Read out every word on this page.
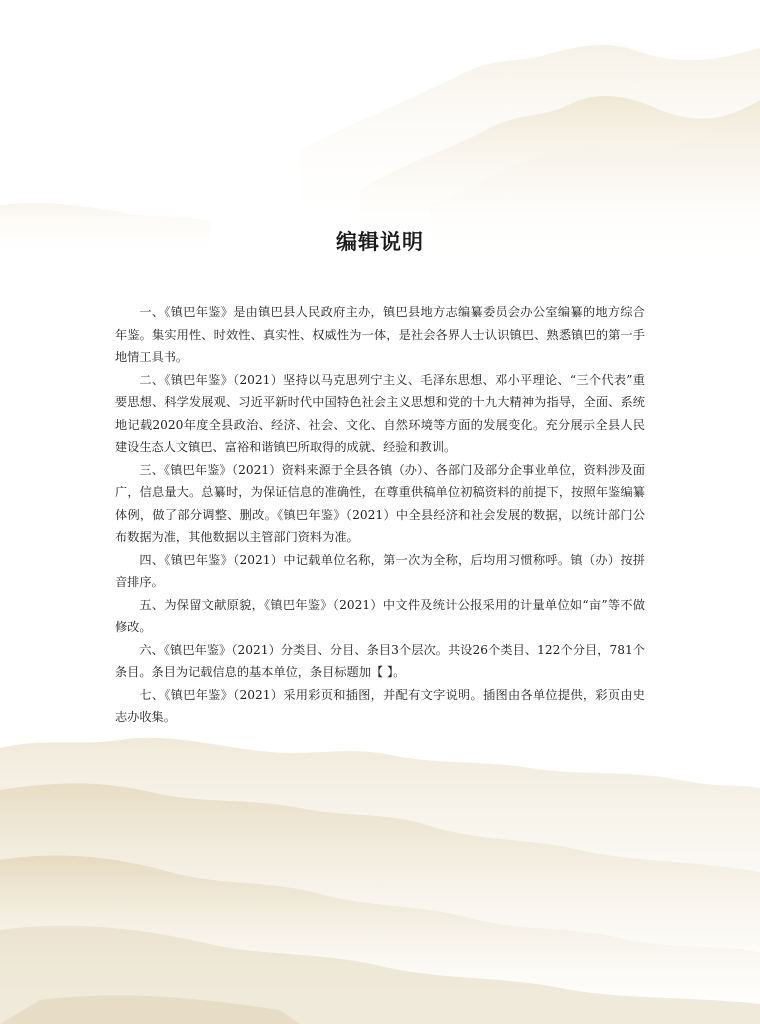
编辑说明

一、《镇巴年鉴》是由镇巴县人民政府主办，镇巴县地方志编纂委员会办公室编纂的地方综合年鉴。集实用性、时效性、真实性、权威性为一体，是社会各界人士认识镇巴、熟悉镇巴的第一手地情工具书。

二、《镇巴年鉴》（2021）坚持以马克思列宁主义、毛泽东思想、邓小平理论、“三个代表”重要思想、科学发展观、习近平新时代中国特色社会主义思想和党的十九大精神为指导，全面、系统地记载2020年度全县政治、经济、社会、文化、自然环境等方面的发展变化。充分展示全县人民建设生态人文镇巴、富裕和谐镇巴所取得的成就、经验和教训。

三、《镇巴年鉴》（2021）资料来源于全县各镇（办）、各部门及部分企事业单位，资料涉及面广，信息量大。总纂时，为保证信息的准确性，在尊重供稿单位初稿资料的前提下，按照年鉴编纂体例，做了部分调整、删改。《镇巴年鉴》（2021）中全县经济和社会发展的数据，以统计部门公布数据为准，其他数据以主管部门资料为准。

四、《镇巴年鉴》（2021）中记载单位名称，第一次为全称，后均用习惯称呼。镇（办）按拼音排序。

五、为保留文献原貌，《镇巴年鉴》（2021）中文件及统计公报采用的计量单位如“亩”等不做修改。

六、《镇巴年鉴》（2021）分类目、分目、条目3个层次。共设26个类目、122个分目，781个条目。条目为记载信息的基本单位，条目标题加【 】。

七、《镇巴年鉴》（2021）采用彩页和插图，并配有文字说明。插图由各单位提供，彩页由史志办收集。
